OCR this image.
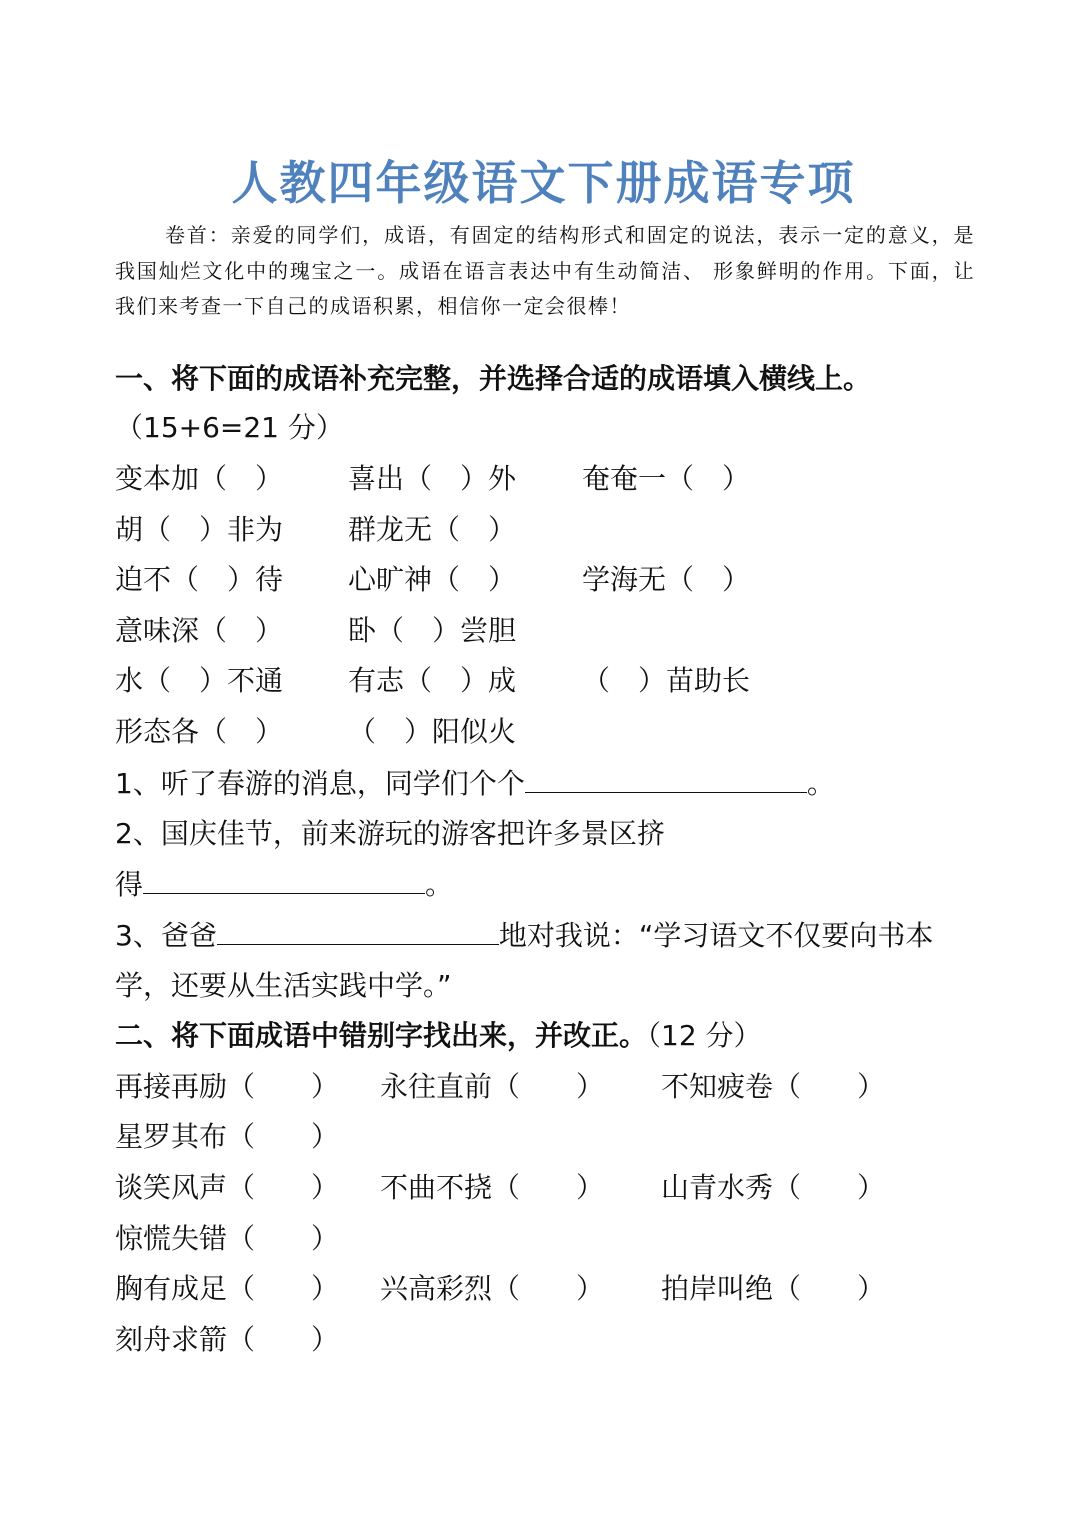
人教四年级语文下册成语专项
卷首：亲爱的同学们，成语，有固定的结构形式和固定的说法，表示一定的意义，是我国灿烂文化中的瑰宝之一。成语在语言表达中有生动简洁、 形象鲜明的作用。下面，让我们来考查一下自己的成语积累，相信你一定会很棒！
一、将下面的成语补充完整，并选择合适的成语填入横线上。
（15+6=21 分）
变本加（　） 喜出（　）外 奄奄一（　）
胡（　）非为 群龙无（　）
迫不（　）待 心旷神（　） 学海无（　）
意味深（　） 卧（　）尝胆
水（　）不通 有志（　）成 （　）苗助长
形态各（　） （　）阳似火
1、听了春游的消息，同学们个个	。
2、国庆佳节，前来游玩的游客把许多景区挤
得	。
3、爸爸	地对我说：“学习语文不仅要向书本
学，还要从生活实践中学。”
二、将下面成语中错别字找出来，并改正。（12 分）
再接再励（　　） 永往直前（　　） 不知疲卷（　　）
星罗其布（　　）
谈笑风声（　　） 不曲不挠（　　） 山青水秀（　　）
惊慌失错（　　）
胸有成足（　　） 兴高彩烈（　　） 拍岸叫绝（　　）
刻舟求箭（　　）
